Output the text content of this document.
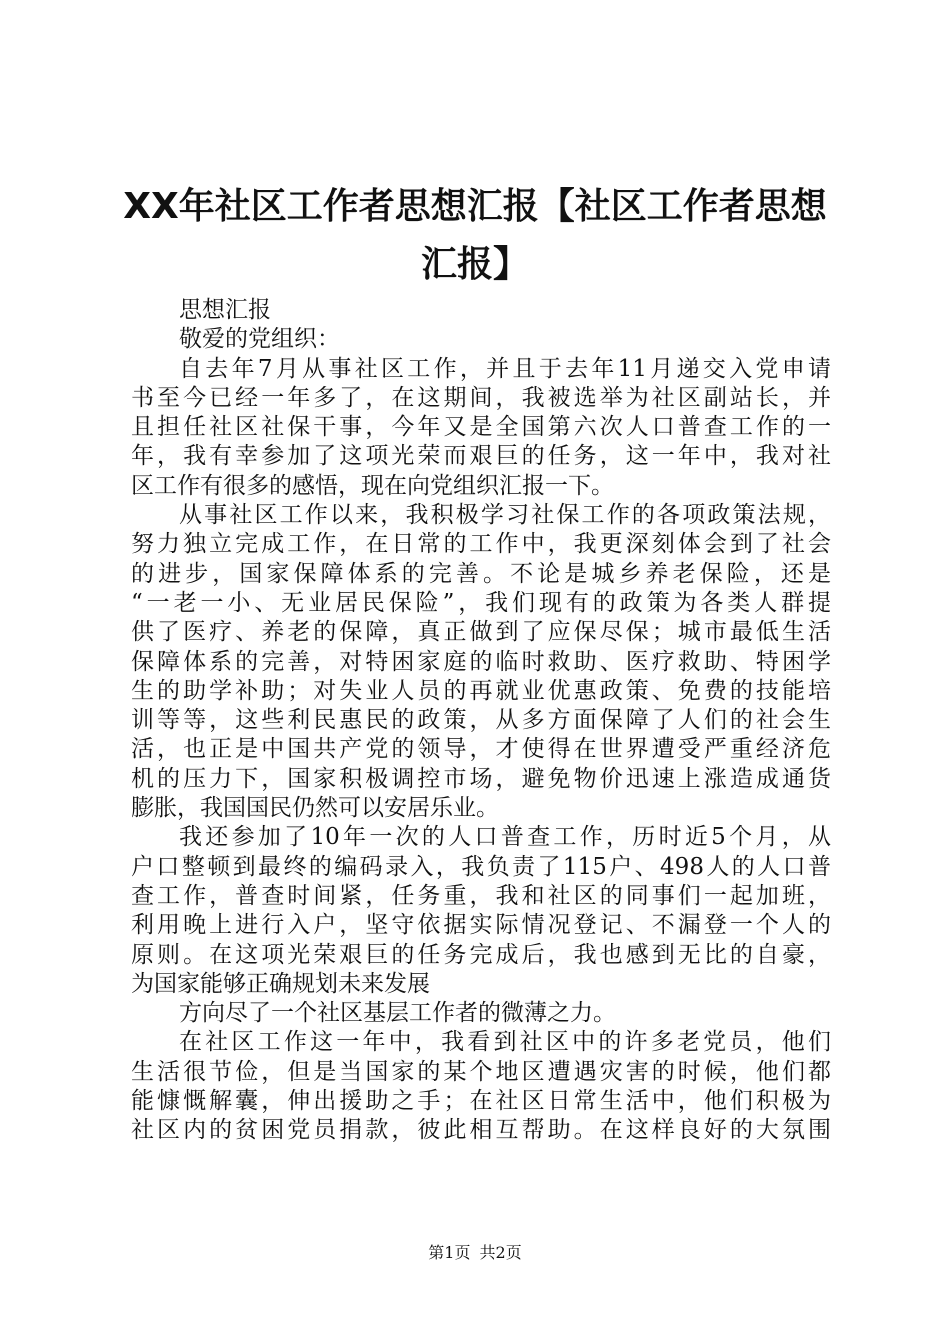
XX年社区工作者思想汇报【社区工作者思想
汇报】
思想汇报
敬爱的党组织：
自去年7月从事社区工作，并且于去年11月递交入党申请
书至今已经一年多了，在这期间，我被选举为社区副站长，并
且担任社区社保干事，今年又是全国第六次人口普查工作的一
年，我有幸参加了这项光荣而艰巨的任务，这一年中，我对社
区工作有很多的感悟，现在向党组织汇报一下。
从事社区工作以来，我积极学习社保工作的各项政策法规，
努力独立完成工作，在日常的工作中，我更深刻体会到了社会
的进步，国家保障体系的完善。不论是城乡养老保险，还是
“一老一小、无业居民保险”，我们现有的政策为各类人群提
供了医疗、养老的保障，真正做到了应保尽保；城市最低生活
保障体系的完善，对特困家庭的临时救助、医疗救助、特困学
生的助学补助；对失业人员的再就业优惠政策、免费的技能培
训等等，这些利民惠民的政策，从多方面保障了人们的社会生
活，也正是中国共产党的领导，才使得在世界遭受严重经济危
机的压力下，国家积极调控市场，避免物价迅速上涨造成通货
膨胀，我国国民仍然可以安居乐业。
我还参加了10年一次的人口普查工作，历时近5个月，从
户口整顿到最终的编码录入，我负责了115户、498人的人口普
查工作，普查时间紧，任务重，我和社区的同事们一起加班，
利用晚上进行入户，坚守依据实际情况登记、不漏登一个人的
原则。在这项光荣艰巨的任务完成后，我也感到无比的自豪，
为国家能够正确规划未来发展
方向尽了一个社区基层工作者的微薄之力。
在社区工作这一年中，我看到社区中的许多老党员，他们
生活很节俭，但是当国家的某个地区遭遇灾害的时候，他们都
能慷慨解囊，伸出援助之手；在社区日常生活中，他们积极为
社区内的贫困党员捐款，彼此相互帮助。在这样良好的大氛围
第1页 共2页
